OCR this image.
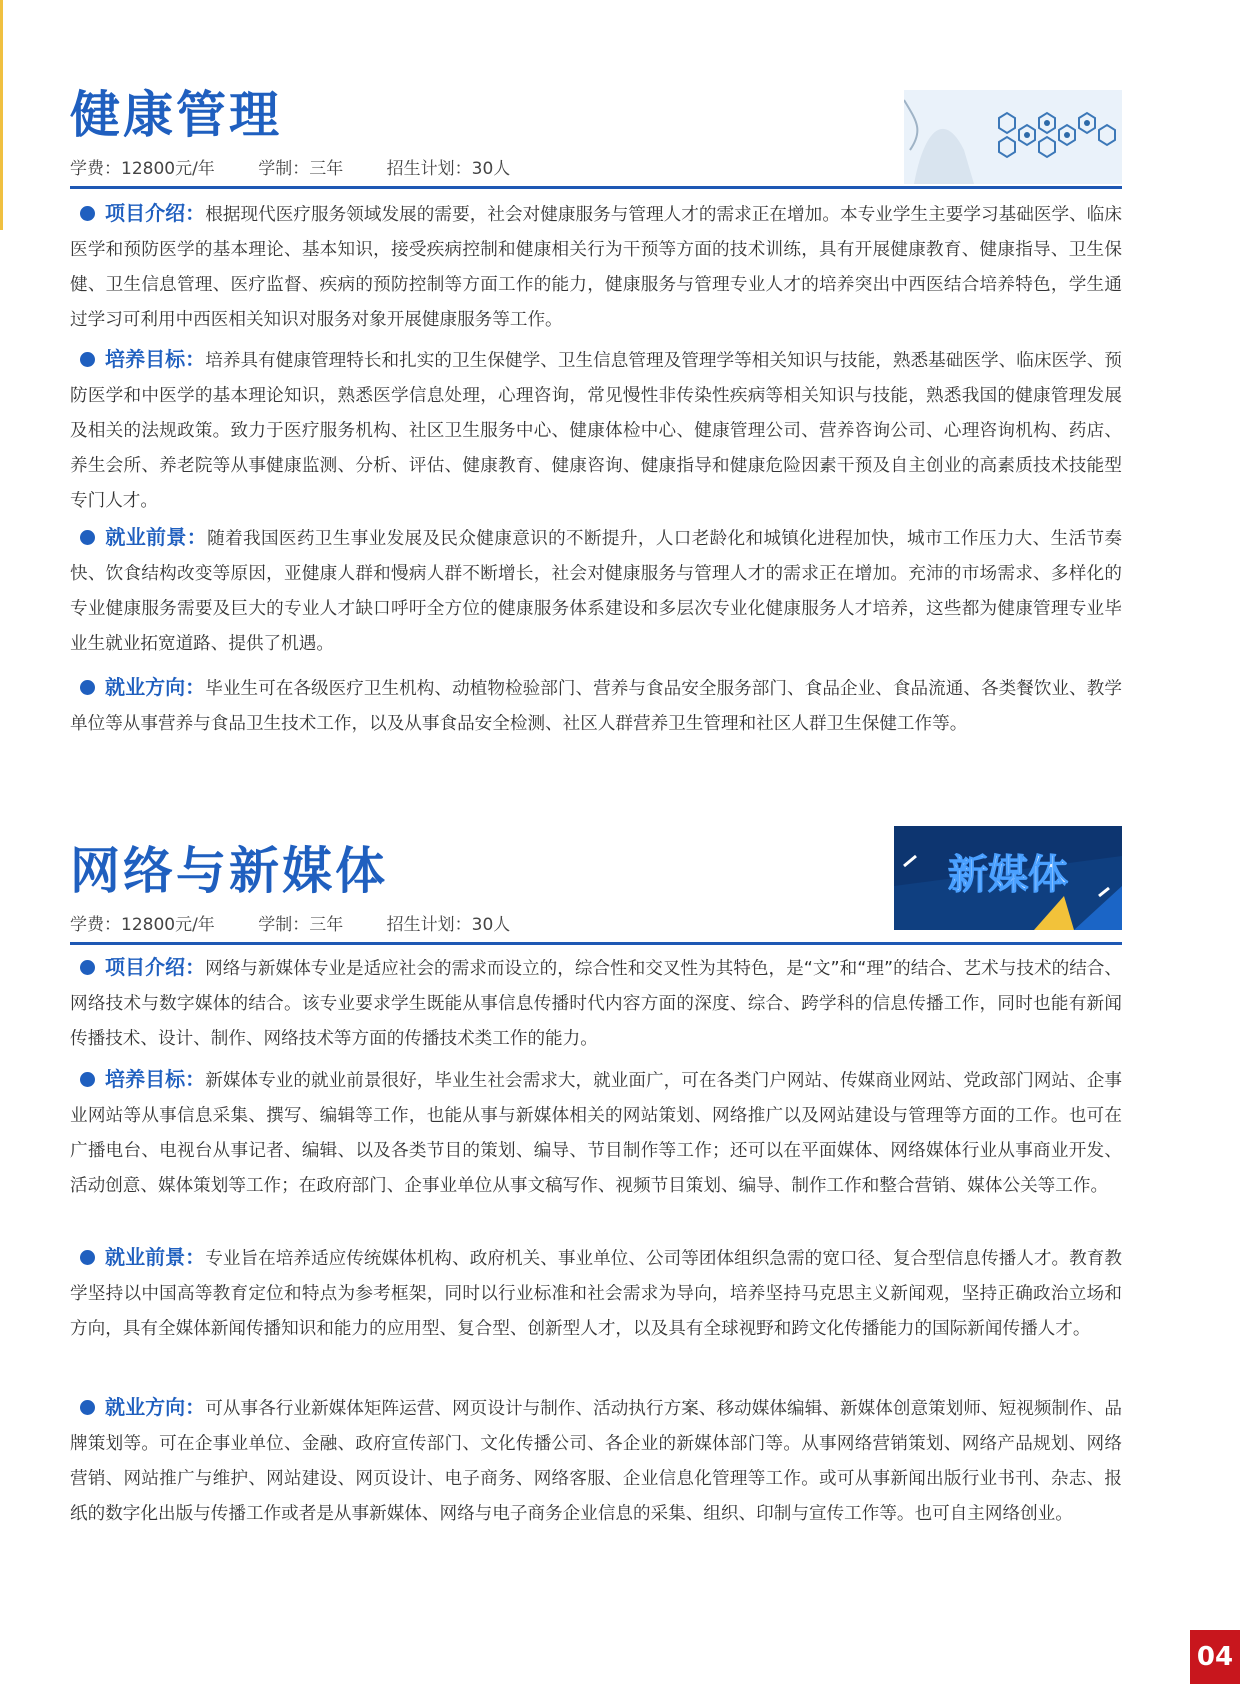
健康管理
学费：12800元/年	学制：三年	招生计划：30人

项目介绍：根据现代医疗服务领域发展的需要，社会对健康服务与管理人才的需求正在增加。本专业学生主要学习基础医学、临床医学和预防医学的基本理论、基本知识，接受疾病控制和健康相关行为干预等方面的技术训练，具有开展健康教育、健康指导、卫生保健、卫生信息管理、医疗监督、疾病的预防控制等方面工作的能力，健康服务与管理专业人才的培养突出中西医结合培养特色，学生通过学习可利用中西医相关知识对服务对象开展健康服务等工作。

培养目标：培养具有健康管理特长和扎实的卫生保健学、卫生信息管理及管理学等相关知识与技能，熟悉基础医学、临床医学、预防医学和中医学的基本理论知识，熟悉医学信息处理，心理咨询，常见慢性非传染性疾病等相关知识与技能，熟悉我国的健康管理发展及相关的法规政策。致力于医疗服务机构、社区卫生服务中心、健康体检中心、健康管理公司、营养咨询公司、心理咨询机构、药店、养生会所、养老院等从事健康监测、分析、评估、健康教育、健康咨询、健康指导和健康危险因素干预及自主创业的高素质技术技能型专门人才。

就业前景：随着我国医药卫生事业发展及民众健康意识的不断提升，人口老龄化和城镇化进程加快，城市工作压力大、生活节奏快、饮食结构改变等原因，亚健康人群和慢病人群不断增长，社会对健康服务与管理人才的需求正在增加。充沛的市场需求、多样化的专业健康服务需要及巨大的专业人才缺口呼吁全方位的健康服务体系建设和多层次专业化健康服务人才培养，这些都为健康管理专业毕业生就业拓宽道路、提供了机遇。

就业方向：毕业生可在各级医疗卫生机构、动植物检验部门、营养与食品安全服务部门、食品企业、食品流通、各类餐饮业、教学单位等从事营养与食品卫生技术工作，以及从事食品安全检测、社区人群营养卫生管理和社区人群卫生保健工作等。

新媒体
网络与新媒体
学费：12800元/年	学制：三年	招生计划：30人

项目介绍：网络与新媒体专业是适应社会的需求而设立的，综合性和交叉性为其特色，是“文”和“理”的结合、艺术与技术的结合、网络技术与数字媒体的结合。该专业要求学生既能从事信息传播时代内容方面的深度、综合、跨学科的信息传播工作，同时也能有新闻传播技术、设计、制作、网络技术等方面的传播技术类工作的能力。

培养目标：新媒体专业的就业前景很好，毕业生社会需求大，就业面广，可在各类门户网站、传媒商业网站、党政部门网站、企事业网站等从事信息采集、撰写、编辑等工作，也能从事与新媒体相关的网站策划、网络推广以及网站建设与管理等方面的工作。也可在广播电台、电视台从事记者、编辑、以及各类节目的策划、编导、节目制作等工作；还可以在平面媒体、网络媒体行业从事商业开发、活动创意、媒体策划等工作；在政府部门、企事业单位从事文稿写作、视频节目策划、编导、制作工作和整合营销、媒体公关等工作。

就业前景：专业旨在培养适应传统媒体机构、政府机关、事业单位、公司等团体组织急需的宽口径、复合型信息传播人才。教育教学坚持以中国高等教育定位和特点为参考框架，同时以行业标准和社会需求为导向，培养坚持马克思主义新闻观，坚持正确政治立场和方向，具有全媒体新闻传播知识和能力的应用型、复合型、创新型人才，以及具有全球视野和跨文化传播能力的国际新闻传播人才。

就业方向：可从事各行业新媒体矩阵运营、网页设计与制作、活动执行方案、移动媒体编辑、新媒体创意策划师、短视频制作、品牌策划等。可在企事业单位、金融、政府宣传部门、文化传播公司、各企业的新媒体部门等。从事网络营销策划、网络产品规划、网络营销、网站推广与维护、网站建设、网页设计、电子商务、网络客服、企业信息化管理等工作。或可从事新闻出版行业书刊、杂志、报纸的数字化出版与传播工作或者是从事新媒体、网络与电子商务企业信息的采集、组织、印制与宣传工作等。也可自主网络创业。

04
